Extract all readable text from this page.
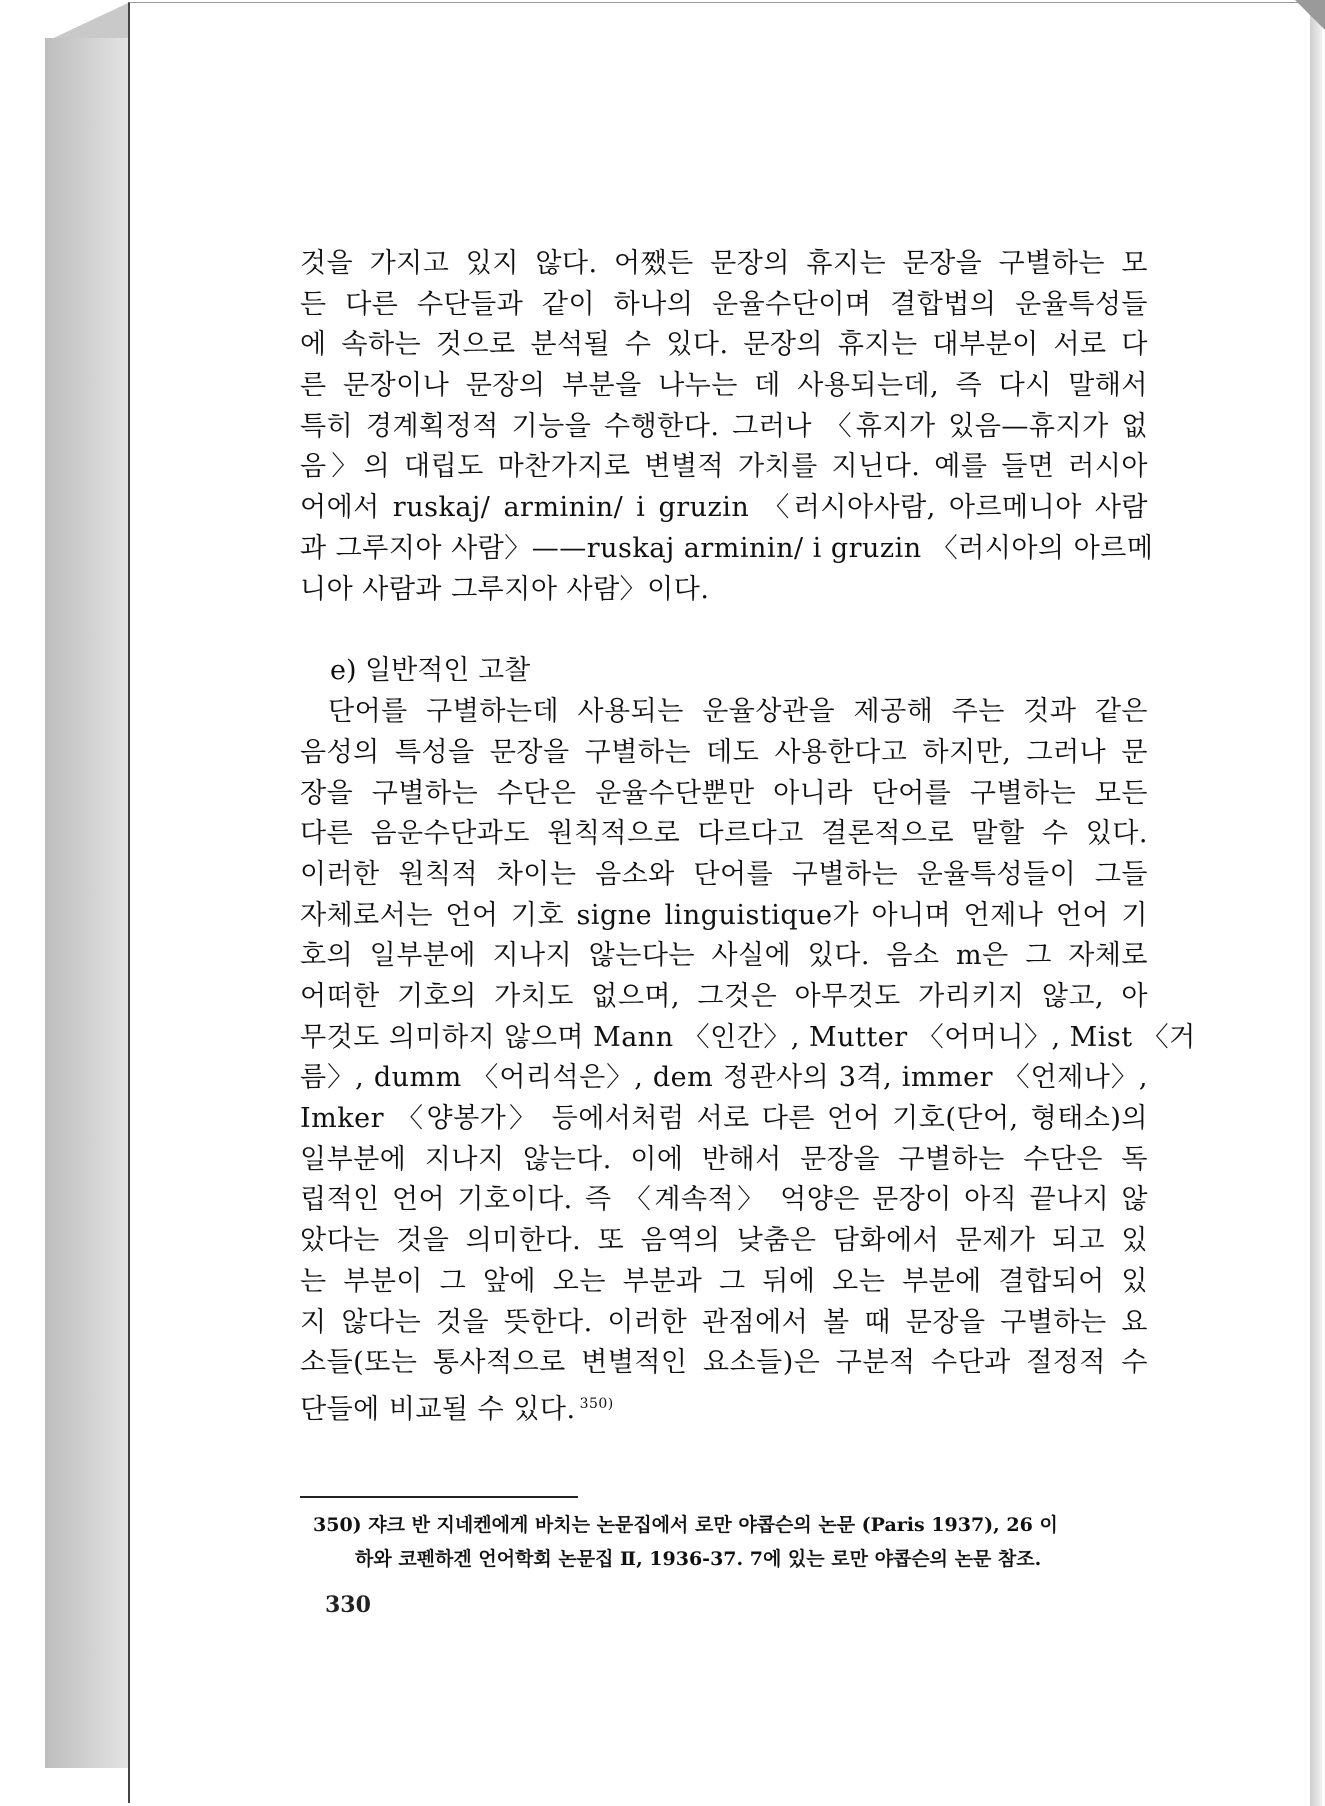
것을 가지고 있지 않다. 어쨌든 문장의 휴지는 문장을 구별하는 모
든 다른 수단들과 같이 하나의 운율수단이며 결합법의 운율특성들
에 속하는 것으로 분석될 수 있다. 문장의 휴지는 대부분이 서로 다
른 문장이나 문장의 부분을 나누는 데 사용되는데, 즉 다시 말해서
특히 경계획정적 기능을 수행한다. 그러나 〈휴지가 있음—휴지가 없
음〉의 대립도 마찬가지로 변별적 가치를 지닌다. 예를 들면 러시아
어에서 ruskaj/ arminin/ i gruzin 〈러시아사람, 아르메니아 사람
과 그루지아 사람〉——ruskaj arminin/ i gruzin 〈러시아의 아르메
니아 사람과 그루지아 사람〉이다.
e) 일반적인 고찰
단어를 구별하는데 사용되는 운율상관을 제공해 주는 것과 같은
음성의 특성을 문장을 구별하는 데도 사용한다고 하지만, 그러나 문
장을 구별하는 수단은 운율수단뿐만 아니라 단어를 구별하는 모든
다른 음운수단과도 원칙적으로 다르다고 결론적으로 말할 수 있다.
이러한 원칙적 차이는 음소와 단어를 구별하는 운율특성들이 그들
자체로서는 언어 기호 signe linguistique가 아니며 언제나 언어 기
호의 일부분에 지나지 않는다는 사실에 있다. 음소 m은 그 자체로
어떠한 기호의 가치도 없으며, 그것은 아무것도 가리키지 않고, 아
무것도 의미하지 않으며 Mann 〈인간〉, Mutter 〈어머니〉, Mist 〈거
름〉, dumm 〈어리석은〉, dem 정관사의 3격, immer 〈언제나〉,
Imker 〈양봉가〉 등에서처럼 서로 다른 언어 기호(단어, 형태소)의
일부분에 지나지 않는다. 이에 반해서 문장을 구별하는 수단은 독
립적인 언어 기호이다. 즉 〈계속적〉 억양은 문장이 아직 끝나지 않
았다는 것을 의미한다. 또 음역의 낮춤은 담화에서 문제가 되고 있
는 부분이 그 앞에 오는 부분과 그 뒤에 오는 부분에 결합되어 있
지 않다는 것을 뜻한다. 이러한 관점에서 볼 때 문장을 구별하는 요
소들(또는 통사적으로 변별적인 요소들)은 구분적 수단과 절정적 수
단들에 비교될 수 있다. $^{350)}$
350) 쟈크 반 지네켄에게 바치는 논문집에서 로만 야콥슨의 논문 (Paris 1937), 26 이
하와 코펜하겐 언어학회 논문집 Ⅱ, 1936-37. 7에 있는 로만 야콥슨의 논문 참조.
330
